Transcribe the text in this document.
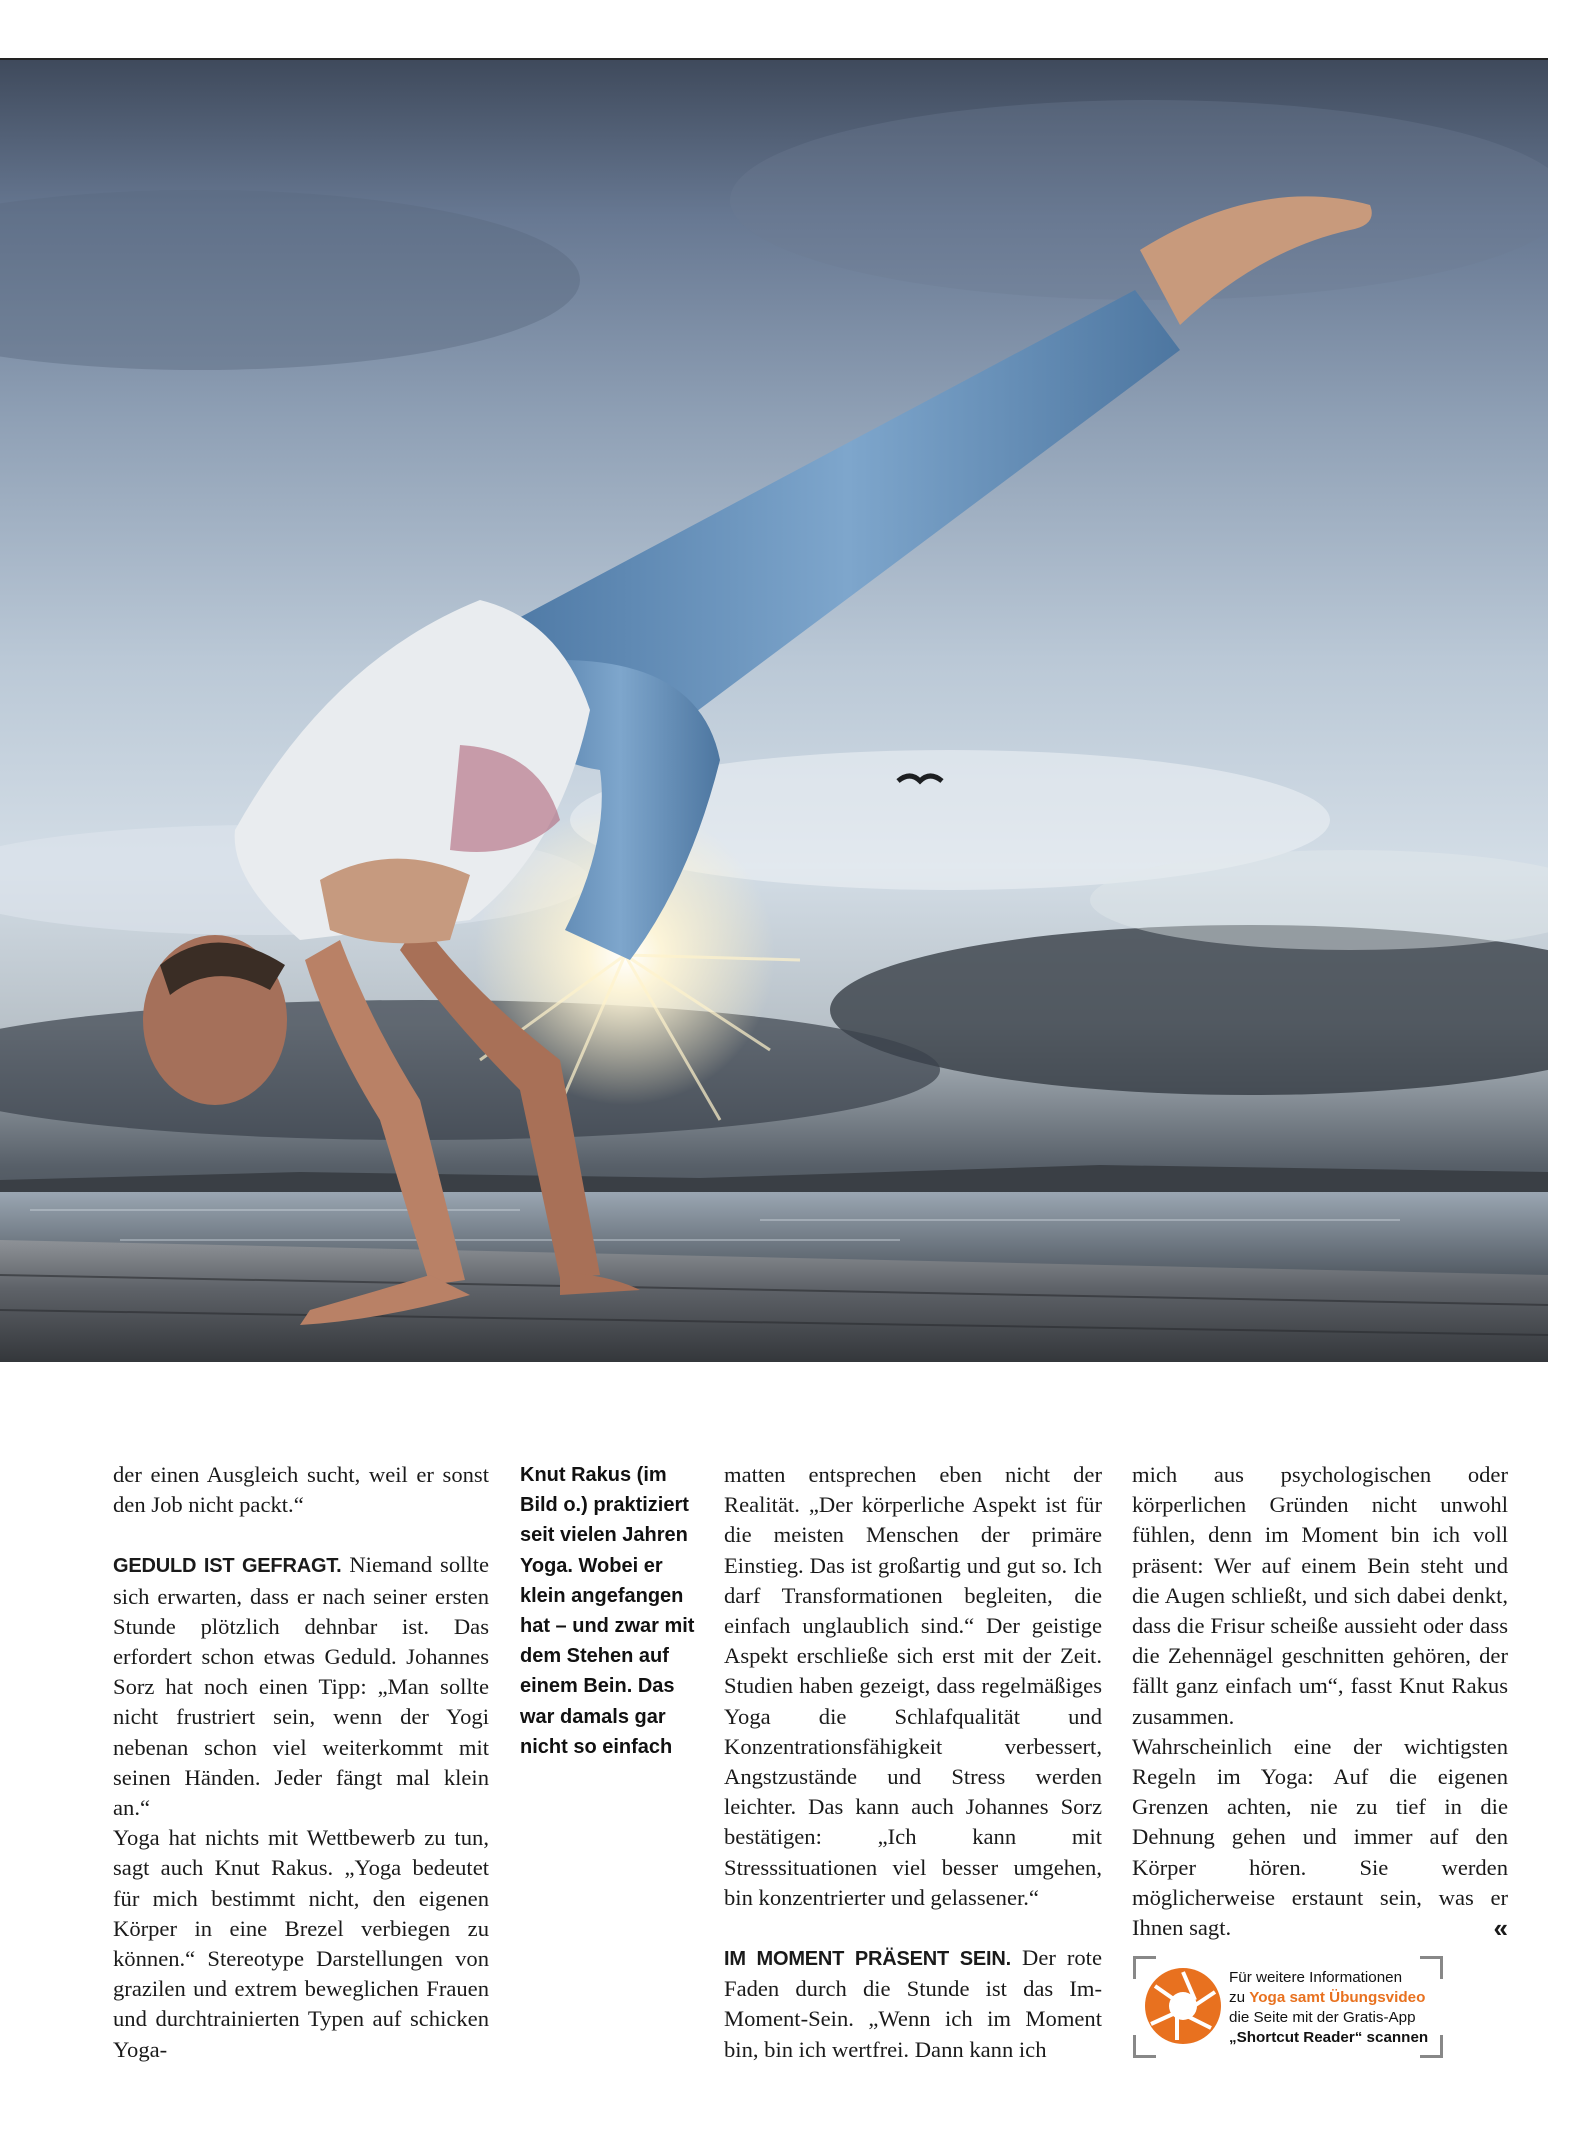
der einen Ausgleich sucht, weil er sonst den Job nicht packt.“

GEDULD IST GEFRAGT. Niemand sollte sich erwarten, dass er nach seiner ersten Stunde plötzlich dehnbar ist. Das erfordert schon etwas Geduld. Johannes Sorz hat noch einen Tipp: „Man sollte nicht frustriert sein, wenn der Yogi nebenan schon viel weiterkommt mit seinen Händen. Jeder fängt mal klein an.“

Yoga hat nichts mit Wettbewerb zu tun, sagt auch Knut Rakus. „Yoga bedeutet für mich bestimmt nicht, den eigenen Körper in eine Brezel verbiegen zu können.“ Stereotype Darstellungen von grazilen und extrem beweglichen Frauen und durchtrainierten Typen auf schicken Yoga-

Knut Rakus (im Bild o.) praktiziert seit vielen Jahren Yoga. Wobei er klein angefangen hat – und zwar mit dem Stehen auf einem Bein. Das war damals gar nicht so einfach

matten entsprechen eben nicht der Realität. „Der körperliche Aspekt ist für die meisten Menschen der primäre Einstieg. Das ist großartig und gut so. Ich darf Transformationen begleiten, die einfach unglaublich sind.“ Der geistige Aspekt erschließe sich erst mit der Zeit. Studien haben gezeigt, dass regelmäßiges Yoga die Schlafqualität und Konzentrationsfähigkeit verbessert, Angstzustände und Stress werden leichter. Das kann auch Johannes Sorz bestätigen: „Ich kann mit Stresssituationen viel besser umgehen, bin konzentrierter und gelassener.“

IM MOMENT PRÄSENT SEIN. Der rote Faden durch die Stunde ist das Im-Moment-Sein. „Wenn ich im Moment bin, bin ich wertfrei. Dann kann ich

mich aus psychologischen oder körperlichen Gründen nicht unwohl fühlen, denn im Moment bin ich voll präsent: Wer auf einem Bein steht und die Augen schließt, und sich dabei denkt, dass die Frisur scheiße aussieht oder dass die Zehennägel geschnitten gehören, der fällt ganz einfach um“, fasst Knut Rakus zusammen.

Wahrscheinlich eine der wichtigsten Regeln im Yoga: Auf die eigenen Grenzen achten, nie zu tief in die Dehnung gehen und immer auf den Körper hören. Sie werden möglicherweise erstaunt sein, was er Ihnen sagt.	«

Für weitere Informationen
zu Yoga samt Übungsvideo
die Seite mit der Gratis-App
„Shortcut Reader“ scannen
